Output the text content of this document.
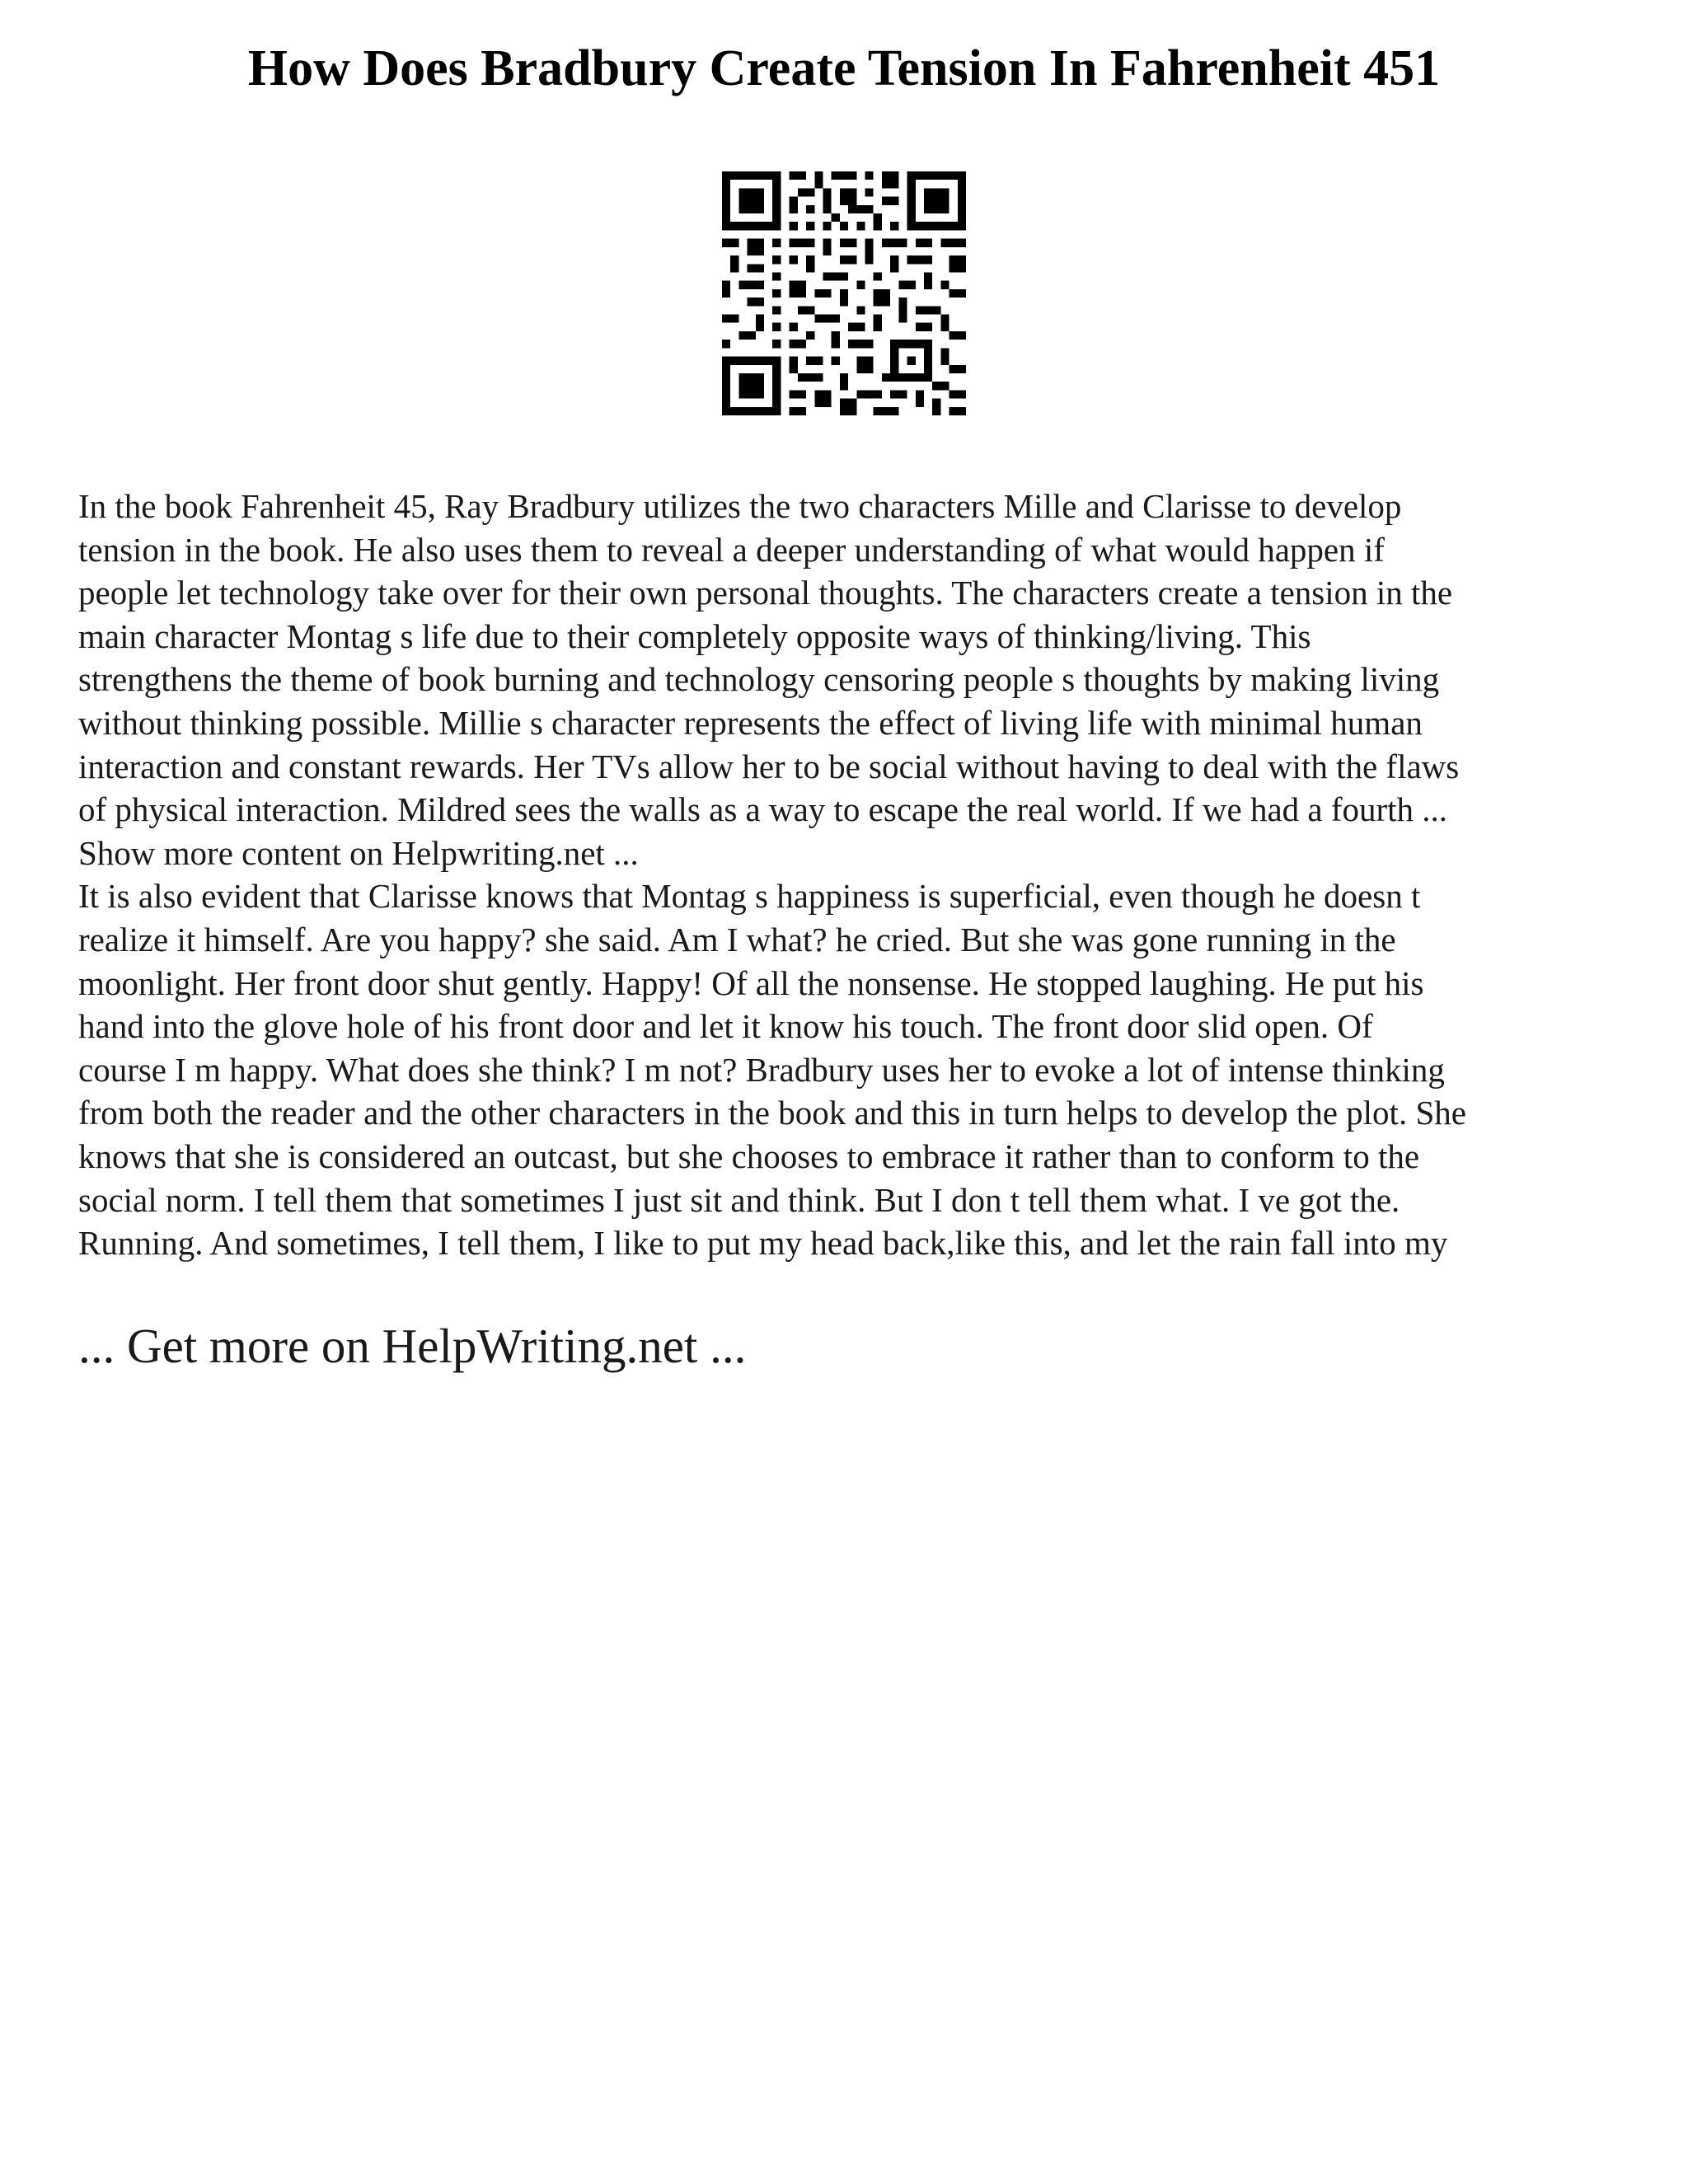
How Does Bradbury Create Tension In Fahrenheit 451

In the book Fahrenheit 45, Ray Bradbury utilizes the two characters Mille and Clarisse to develop

tension in the book. He also uses them to reveal a deeper understanding of what would happen if

people let technology take over for their own personal thoughts. The characters create a tension in the

main character Montag s life due to their completely opposite ways of thinking/living. This

strengthens the theme of book burning and technology censoring people s thoughts by making living

without thinking possible. Millie s character represents the effect of living life with minimal human

interaction and constant rewards. Her TVs allow her to be social without having to deal with the flaws

of physical interaction. Mildred sees the walls as a way to escape the real world. If we had a fourth ...

Show more content on Helpwriting.net ...

It is also evident that Clarisse knows that Montag s happiness is superficial, even though he doesn t

realize it himself. Are you happy? she said. Am I what? he cried. But she was gone running in the

moonlight. Her front door shut gently. Happy! Of all the nonsense. He stopped laughing. He put his

hand into the glove hole of his front door and let it know his touch. The front door slid open. Of

course I m happy. What does she think? I m not? Bradbury uses her to evoke a lot of intense thinking

from both the reader and the other characters in the book and this in turn helps to develop the plot. She

knows that she is considered an outcast, but she chooses to embrace it rather than to conform to the

social norm. I tell them that sometimes I just sit and think. But I don t tell them what. I ve got the.

Running. And sometimes, I tell them, I like to put my head back,like this, and let the rain fall into my

... Get more on HelpWriting.net ...
